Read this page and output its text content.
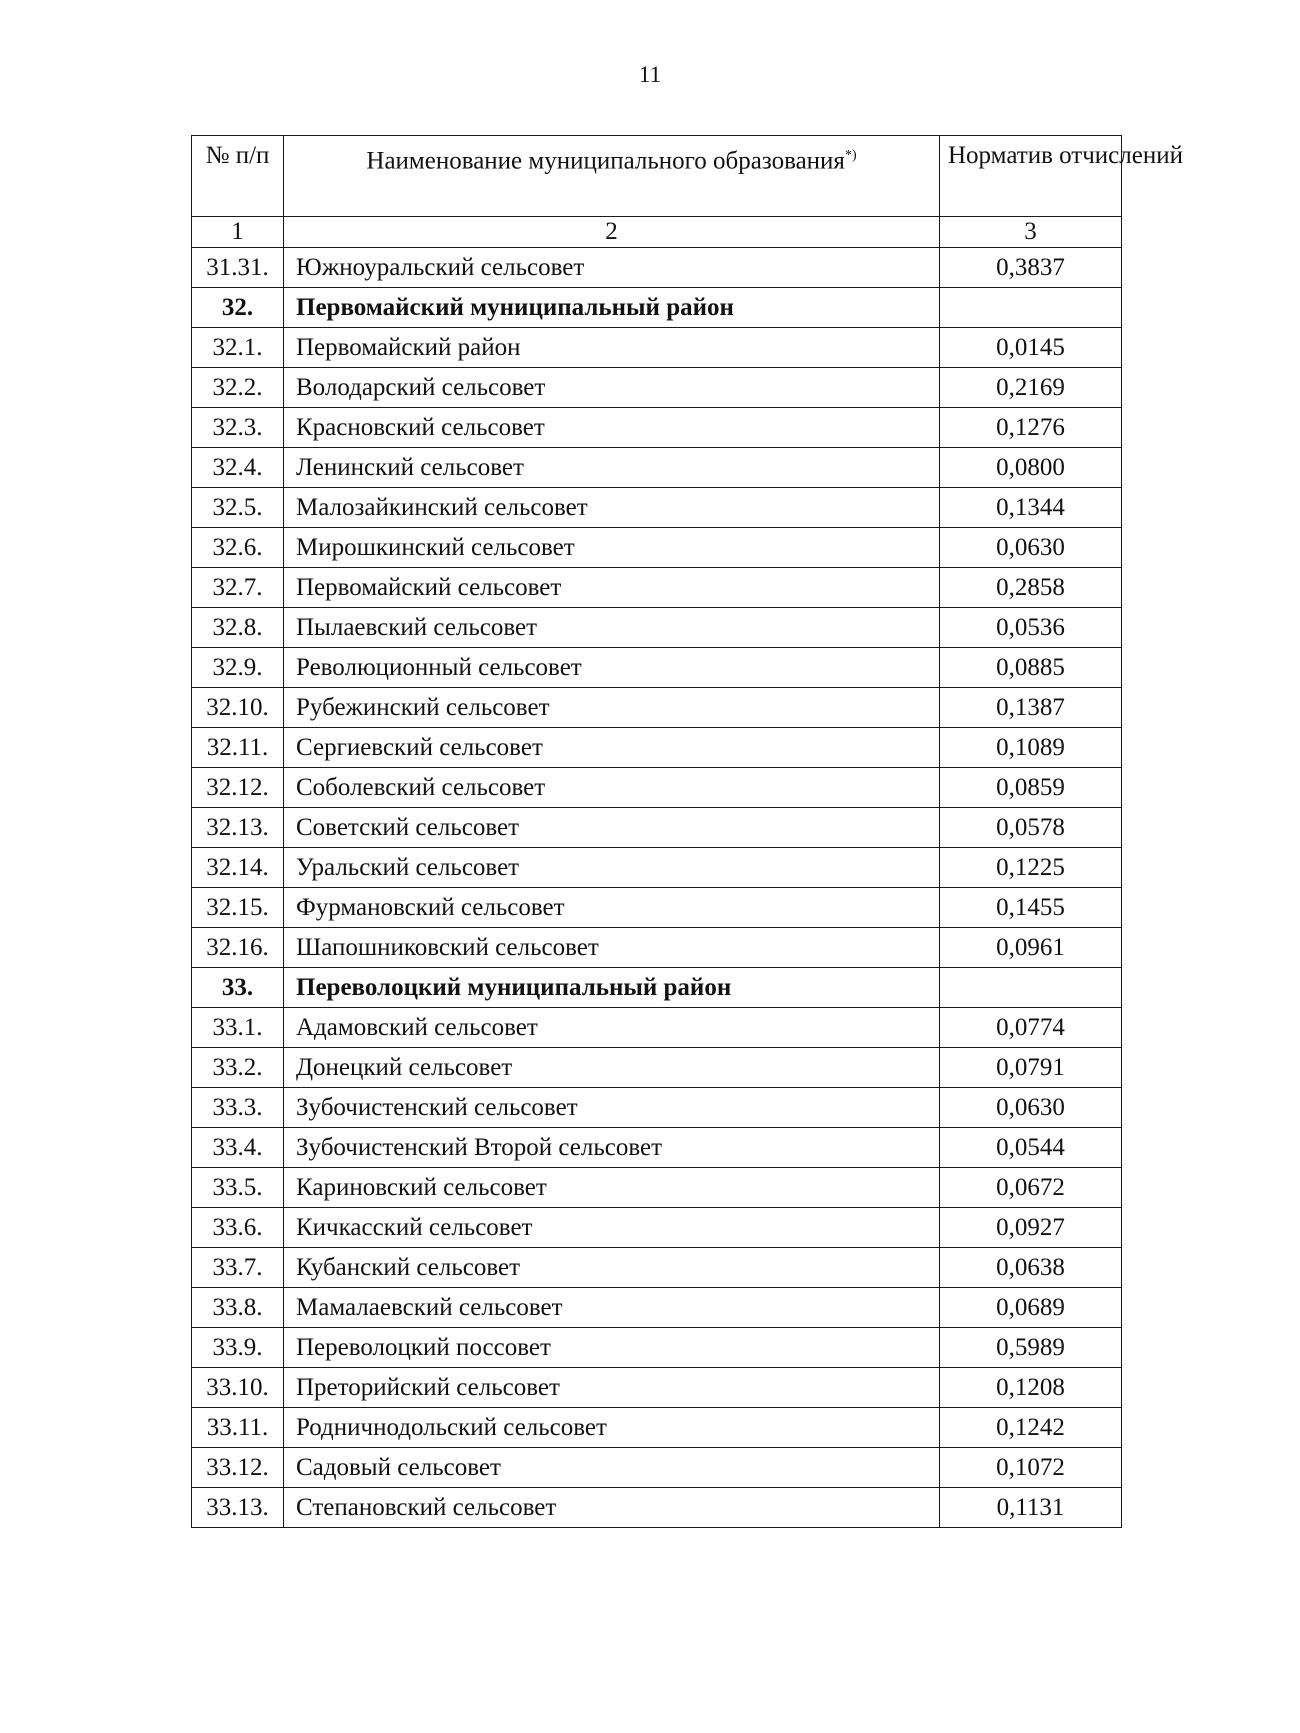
11
№ п/п	Наименование муниципального образования*)	Норматив отчислений
1	2	3
31.31.	Южноуральский сельсовет	0,3837
32.	Первомайский муниципальный район	
32.1.	Первомайский район	0,0145
32.2.	Володарский сельсовет	0,2169
32.3.	Красновский сельсовет	0,1276
32.4.	Ленинский сельсовет	0,0800
32.5.	Малозайкинский сельсовет	0,1344
32.6.	Мирошкинский сельсовет	0,0630
32.7.	Первомайский сельсовет	0,2858
32.8.	Пылаевский сельсовет	0,0536
32.9.	Революционный сельсовет	0,0885
32.10.	Рубежинский сельсовет	0,1387
32.11.	Сергиевский сельсовет	0,1089
32.12.	Соболевский сельсовет	0,0859
32.13.	Советский сельсовет	0,0578
32.14.	Уральский сельсовет	0,1225
32.15.	Фурмановский сельсовет	0,1455
32.16.	Шапошниковский сельсовет	0,0961
33.	Переволоцкий муниципальный район	
33.1.	Адамовский сельсовет	0,0774
33.2.	Донецкий сельсовет	0,0791
33.3.	Зубочистенский сельсовет	0,0630
33.4.	Зубочистенский Второй сельсовет	0,0544
33.5.	Кариновский сельсовет	0,0672
33.6.	Кичкасский сельсовет	0,0927
33.7.	Кубанский сельсовет	0,0638
33.8.	Мамалаевский сельсовет	0,0689
33.9.	Переволоцкий поссовет	0,5989
33.10.	Преторийский сельсовет	0,1208
33.11.	Родничнодольский сельсовет	0,1242
33.12.	Садовый сельсовет	0,1072
33.13.	Степановский сельсовет	0,1131
